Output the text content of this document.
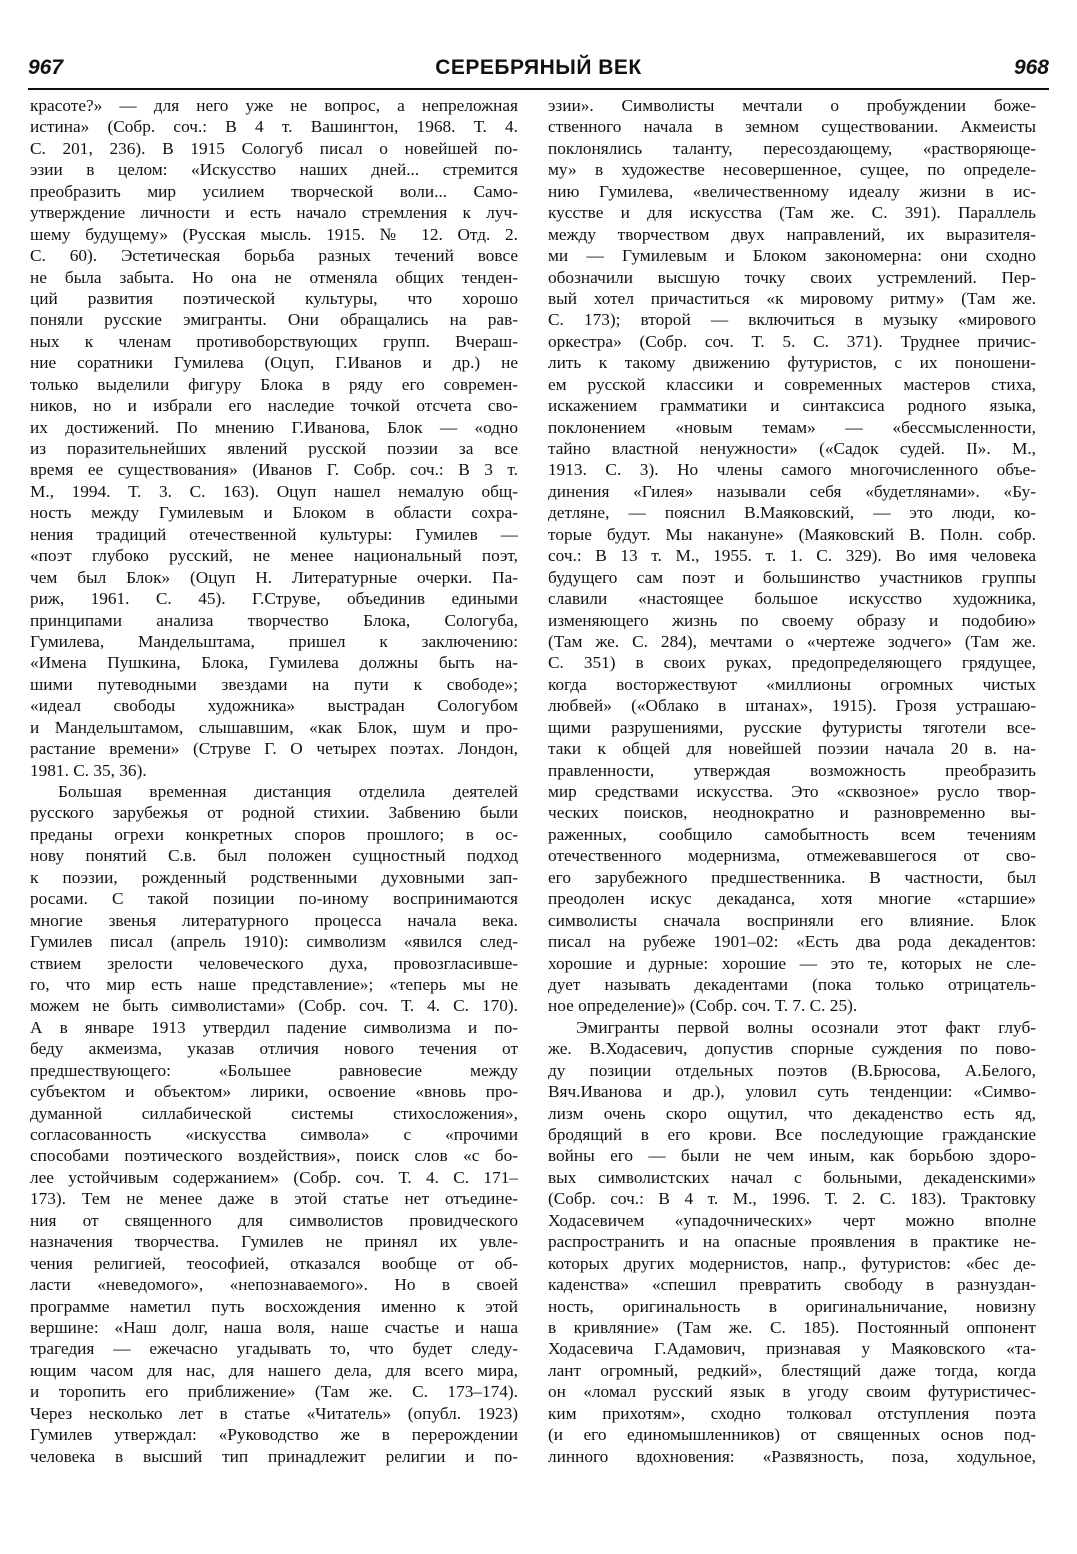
967	СЕРЕБРЯНЫЙ ВЕК	968
красоте?» — для него уже не вопрос, а непреложная
истина» (Собр. соч.: В 4 т. Вашингтон, 1968. Т. 4.
С. 201, 236). В 1915 Сологуб писал о новейшей по-
эзии в целом: «Искусство наших дней... стремится
преобразить мир усилием творческой воли... Само-
утверждение личности и есть начало стремления к луч-
шему будущему» (Русская мысль. 1915. № 12. Отд. 2.
С. 60). Эстетическая борьба разных течений вовсе
не была забыта. Но она не отменяла общих тенден-
ций развития поэтической культуры, что хорошо
поняли русские эмигранты. Они обращались на рав-
ных к членам противоборствующих групп. Вчераш-
ние соратники Гумилева (Оцуп, Г.Иванов и др.) не
только выделили фигуру Блока в ряду его современ-
ников, но и избрали его наследие точкой отсчета сво-
их достижений. По мнению Г.Иванова, Блок — «одно
из поразительнейших явлений русской поэзии за все
время ее существования» (Иванов Г. Собр. соч.: В 3 т.
М., 1994. Т. 3. С. 163). Оцуп нашел немалую общ-
ность между Гумилевым и Блоком в области сохра-
нения традиций отечественной культуры: Гумилев —
«поэт глубоко русский, не менее национальный поэт,
чем был Блок» (Оцуп Н. Литературные очерки. Па-
риж, 1961. С. 45). Г.Струве, объединив едиными
принципами анализа творчество Блока, Сологуба,
Гумилева, Мандельштама, пришел к заключению:
«Имена Пушкина, Блока, Гумилева должны быть на-
шими путеводными звездами на пути к свободе»;
«идеал свободы художника» выстрадан Сологубом
и Мандельштамом, слышавшим, «как Блок, шум и про-
растание времени» (Струве Г. О четырех поэтах. Лондон,
1981. С. 35, 36).
Большая временная дистанция отделила деятелей
русского зарубежья от родной стихии. Забвению были
преданы огрехи конкретных споров прошлого; в ос-
нову понятий С.в. был положен сущностный подход
к поэзии, рожденный родственными духовными зап-
росами. С такой позиции по-иному воспринимаются
многие звенья литературного процесса начала века.
Гумилев писал (апрель 1910): символизм «явился след-
ствием зрелости человеческого духа, провозгласивше-
го, что мир есть наше представление»; «теперь мы не
можем не быть символистами» (Собр. соч. Т. 4. С. 170).
А в январе 1913 утвердил падение символизма и по-
беду акмеизма, указав отличия нового течения от
предшествующего: «Большее равновесие между
субъектом и объектом» лирики, освоение «вновь про-
думанной силлабической системы стихосложения»,
согласованность «искусства символа» с «прочими
способами поэтического воздействия», поиск слов «с бо-
лее устойчивым содержанием» (Собр. соч. Т. 4. С. 171–
173). Тем не менее даже в этой статье нет отъедине-
ния от священного для символистов провидческого
назначения творчества. Гумилев не принял их увле-
чения религией, теософией, отказался вообще от об-
ласти «неведомого», «непознаваемого». Но в своей
программе наметил путь восхождения именно к этой
вершине: «Наш долг, наша воля, наше счастье и наша
трагедия — ежечасно угадывать то, что будет следу-
ющим часом для нас, для нашего дела, для всего мира,
и торопить его приближение» (Там же. С. 173–174).
Через несколько лет в статье «Читатель» (опубл. 1923)
Гумилев утверждал: «Руководство же в перерождении
человека в высший тип принадлежит религии и по-
эзии». Символисты мечтали о пробуждении боже-
ственного начала в земном существовании. Акмеисты
поклонялись таланту, пересоздающему, «растворяюще-
му» в художестве несовершенное, сущее, по определе-
нию Гумилева, «величественному идеалу жизни в ис-
кусстве и для искусства (Там же. С. 391). Параллель
между творчеством двух направлений, их выразителя-
ми — Гумилевым и Блоком закономерна: они сходно
обозначили высшую точку своих устремлений. Пер-
вый хотел причаститься «к мировому ритму» (Там же.
С. 173); второй — включиться в музыку «мирового
оркестра» (Собр. соч. Т. 5. С. 371). Труднее причис-
лить к такому движению футуристов, с их поношени-
ем русской классики и современных мастеров стиха,
искажением грамматики и синтаксиса родного языка,
поклонением «новым темам» — «бессмысленности,
тайно властной ненужности» («Садок судей. II». М.,
1913. С. 3). Но члены самого многочисленного объе-
динения «Гилея» называли себя «будетлянами». «Бу-
детляне, — пояснил В.Маяковский, — это люди, ко-
торые будут. Мы накануне» (Маяковский В. Полн. собр.
соч.: В 13 т. М., 1955. т. 1. С. 329). Во имя человека
будущего сам поэт и большинство участников группы
славили «настоящее большое искусство художника,
изменяющего жизнь по своему образу и подобию»
(Там же. С. 284), мечтами о «чертеже зодчего» (Там же.
С. 351) в своих руках, предопределяющего грядущее,
когда восторжествуют «миллионы огромных чистых
любвей» («Облако в штанах», 1915). Грозя устрашаю-
щими разрушениями, русские футуристы тяготели все-
таки к общей для новейшей поэзии начала 20 в. на-
правленности, утверждая возможность преобразить
мир средствами искусства. Это «сквозное» русло твор-
ческих поисков, неоднократно и разновременно вы-
раженных, сообщило самобытность всем течениям
отечественного модернизма, отмежевавшегося от сво-
его зарубежного предшественника. В частности, был
преодолен искус декаданса, хотя многие «старшие»
символисты сначала восприняли его влияние. Блок
писал на рубеже 1901–02: «Есть два рода декадентов:
хорошие и дурные: хорошие — это те, которых не сле-
дует называть декадентами (пока только отрицатель-
ное определение)» (Собр. соч. Т. 7. С. 25).
Эмигранты первой волны осознали этот факт глуб-
же. В.Ходасевич, допустив спорные суждения по пово-
ду позиции отдельных поэтов (В.Брюсова, А.Белого,
Вяч.Иванова и др.), уловил суть тенденции: «Симво-
лизм очень скоро ощутил, что декаденство есть яд,
бродящий в его крови. Все последующие гражданские
войны его — были не чем иным, как борьбою здоро-
вых символистских начал с больными, декаденскими»
(Собр. соч.: В 4 т. М., 1996. Т. 2. С. 183). Трактовку
Ходасевичем «упадочнических» черт можно вполне
распространить и на опасные проявления в практике не-
которых других модернистов, напр., футуристов: «бес де-
каденства» «спешил превратить свободу в разнуздан-
ность, оригинальность в оригинальничание, новизну
в кривляние» (Там же. С. 185). Постоянный оппонент
Ходасевича Г.Адамович, признавая у Маяковского «та-
лант огромный, редкий», блестящий даже тогда, когда
он «ломал русский язык в угоду своим футуристичес-
ким прихотям», сходно толковал отступления поэта
(и его единомышленников) от священных основ под-
линного вдохновения: «Развязность, поза, ходульное,
